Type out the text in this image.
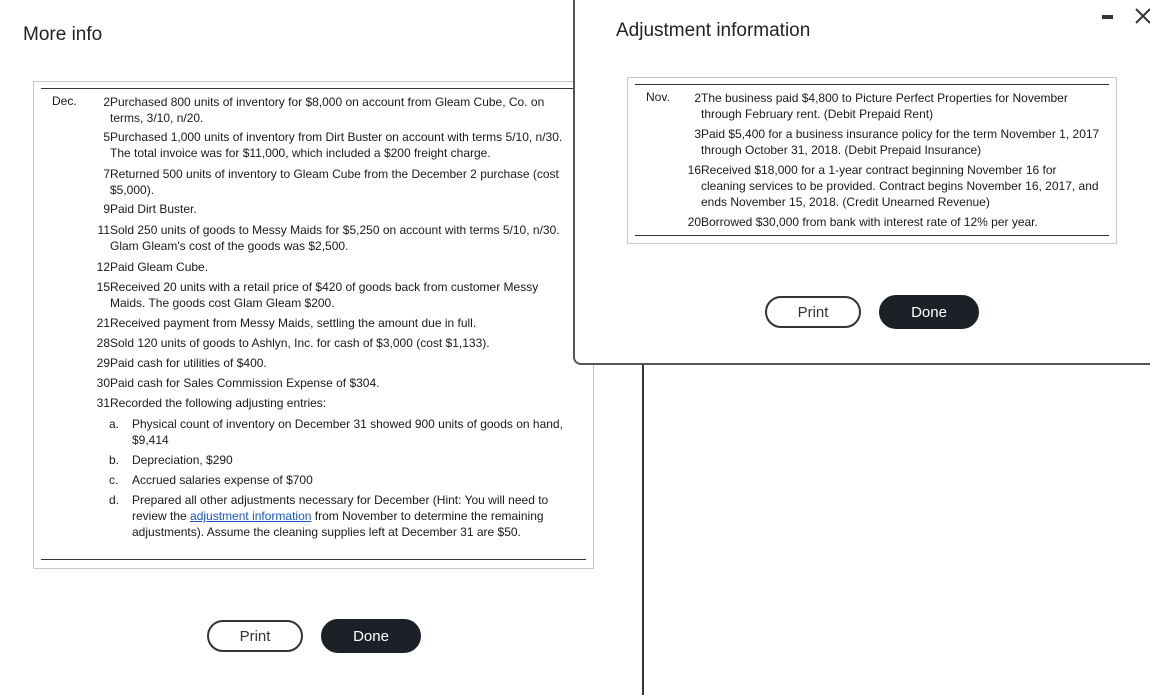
More info
Dec.	2 Purchased 800 units of inventory for $8,000 on account from Gleam Cube, Co. on terms, 3/10, n/20.
5 Purchased 1,000 units of inventory from Dirt Buster on account with terms 5/10, n/30. The total invoice was for $11,000, which included a $200 freight charge.
7 Returned 500 units of inventory to Gleam Cube from the December 2 purchase (cost $5,000).
9 Paid Dirt Buster.
11 Sold 250 units of goods to Messy Maids for $5,250 on account with terms 5/10, n/30. Glam Gleam's cost of the goods was $2,500.
12 Paid Gleam Cube.
15 Received 20 units with a retail price of $420 of goods back from customer Messy Maids. The goods cost Glam Gleam $200.
21 Received payment from Messy Maids, settling the amount due in full.
28 Sold 120 units of goods to Ashlyn, Inc. for cash of $3,000 (cost $1,133).
29 Paid cash for utilities of $400.
30 Paid cash for Sales Commission Expense of $304.
31 Recorded the following adjusting entries:
a.	Physical count of inventory on December 31 showed 900 units of goods on hand, $9,414
b.	Depreciation, $290
c.	Accrued salaries expense of $700
d.	Prepared all other adjustments necessary for December (Hint: You will need to review the adjustment information from November to determine the remaining adjustments). Assume the cleaning supplies left at December 31 are $50.
Print	Done
Adjustment information
Nov.	2 The business paid $4,800 to Picture Perfect Properties for November through February rent. (Debit Prepaid Rent)
3 Paid $5,400 for a business insurance policy for the term November 1, 2017 through October 31, 2018. (Debit Prepaid Insurance)
16 Received $18,000 for a 1-year contract beginning November 16 for cleaning services to be provided. Contract begins November 16, 2017, and ends November 15, 2018. (Credit Unearned Revenue)
20 Borrowed $30,000 from bank with interest rate of 12% per year.
Print	Done
